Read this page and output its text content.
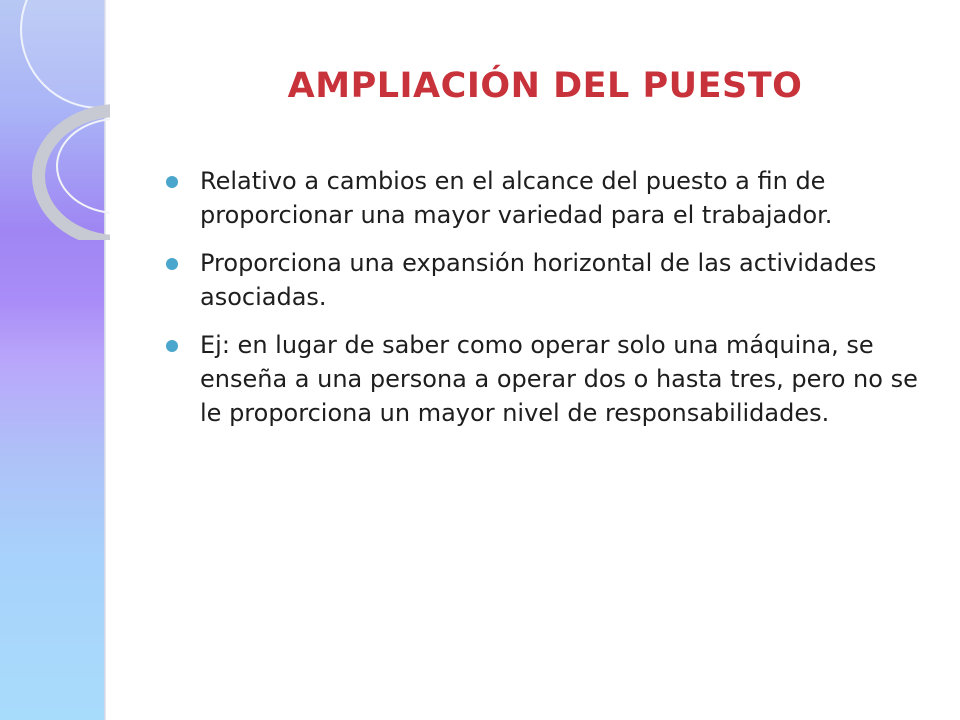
AMPLIACIÓN DEL PUESTO
Relativo a cambios en el alcance del puesto a fin de proporcionar una mayor variedad para el trabajador.
Proporciona una expansión horizontal de las actividades asociadas.
Ej: en lugar de saber como operar solo una máquina, se enseña a una persona a operar dos o hasta tres, pero no se le proporciona un mayor nivel de responsabilidades.
